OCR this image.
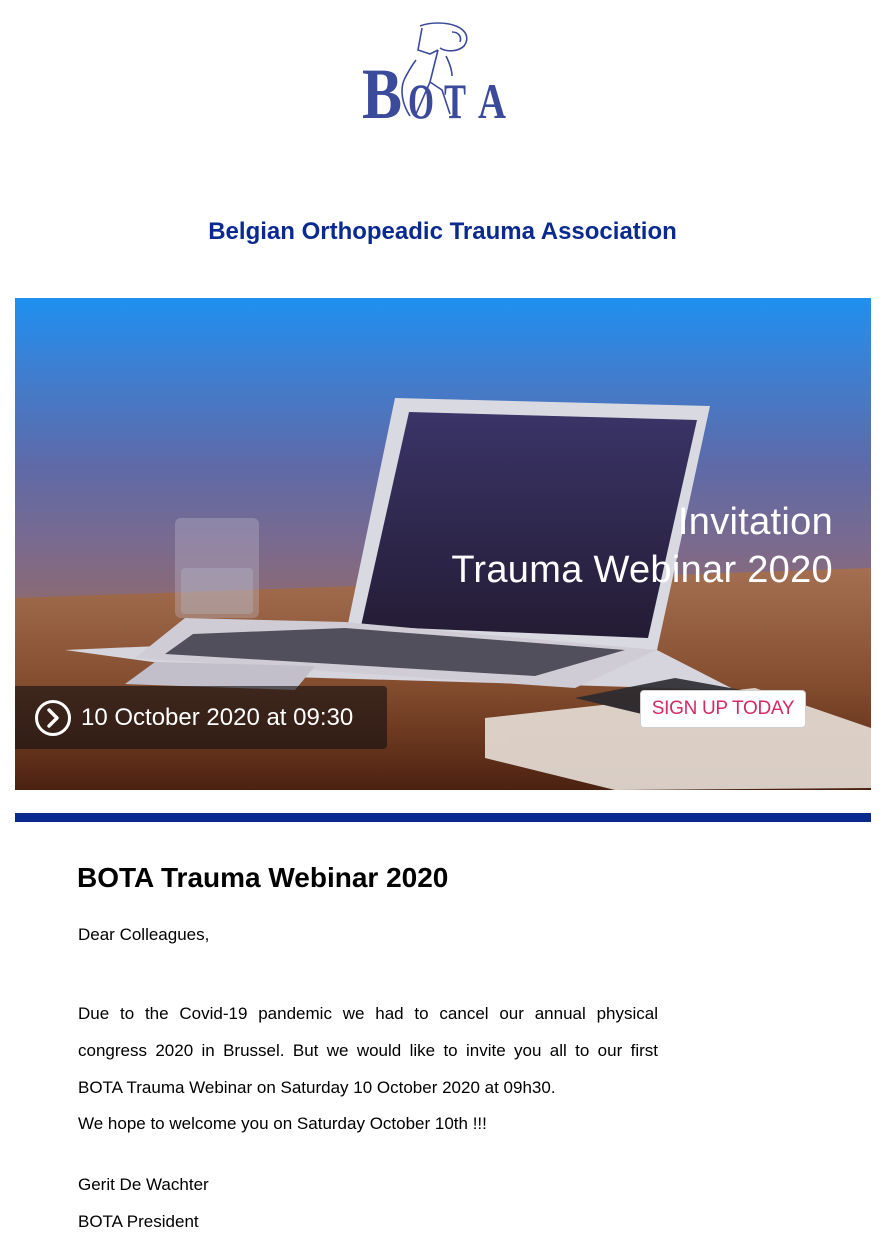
B O T A
Belgian Orthopeadic Trauma Association
Invitation
Trauma Webinar 2020
10 October 2020 at 09:30	SIGN UP TODAY
BOTA Trauma Webinar 2020
Dear Colleagues,
Due to the Covid-19 pandemic we had to cancel our annual physical
congress 2020 in Brussel. But we would like to invite you all to our first
BOTA Trauma Webinar on Saturday 10 October 2020 at 09h30.
We hope to welcome you on Saturday October 10th !!!
Gerit De Wachter
BOTA President
